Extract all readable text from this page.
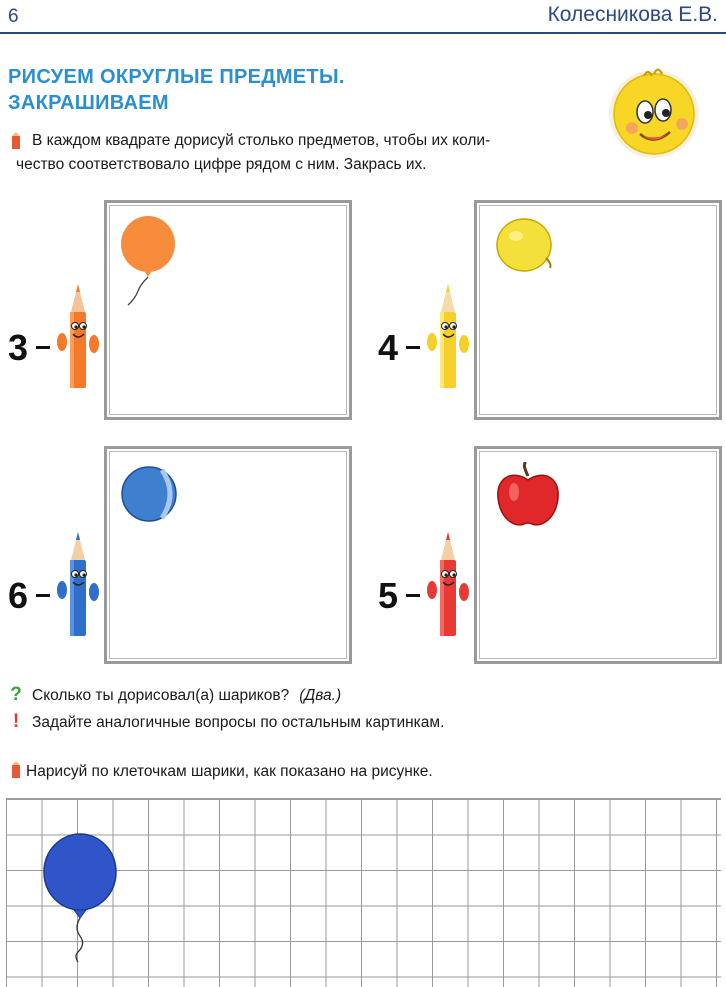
6	Колесникова Е.В.
РИСУЕМ ОКРУГЛЫЕ ПРЕДМЕТЫ.
ЗАКРАШИВАЕМ
В каждом квадрате дорисуй столько предметов, чтобы их коли-
чество соответствовало цифре рядом с ним. Закрась их.
3	4
6	5
? Сколько ты дорисовал(а) шариков? (Два.)
! Задайте аналогичные вопросы по остальным картинкам.
Нарисуй по клеточкам шарики, как показано на рисунке.
